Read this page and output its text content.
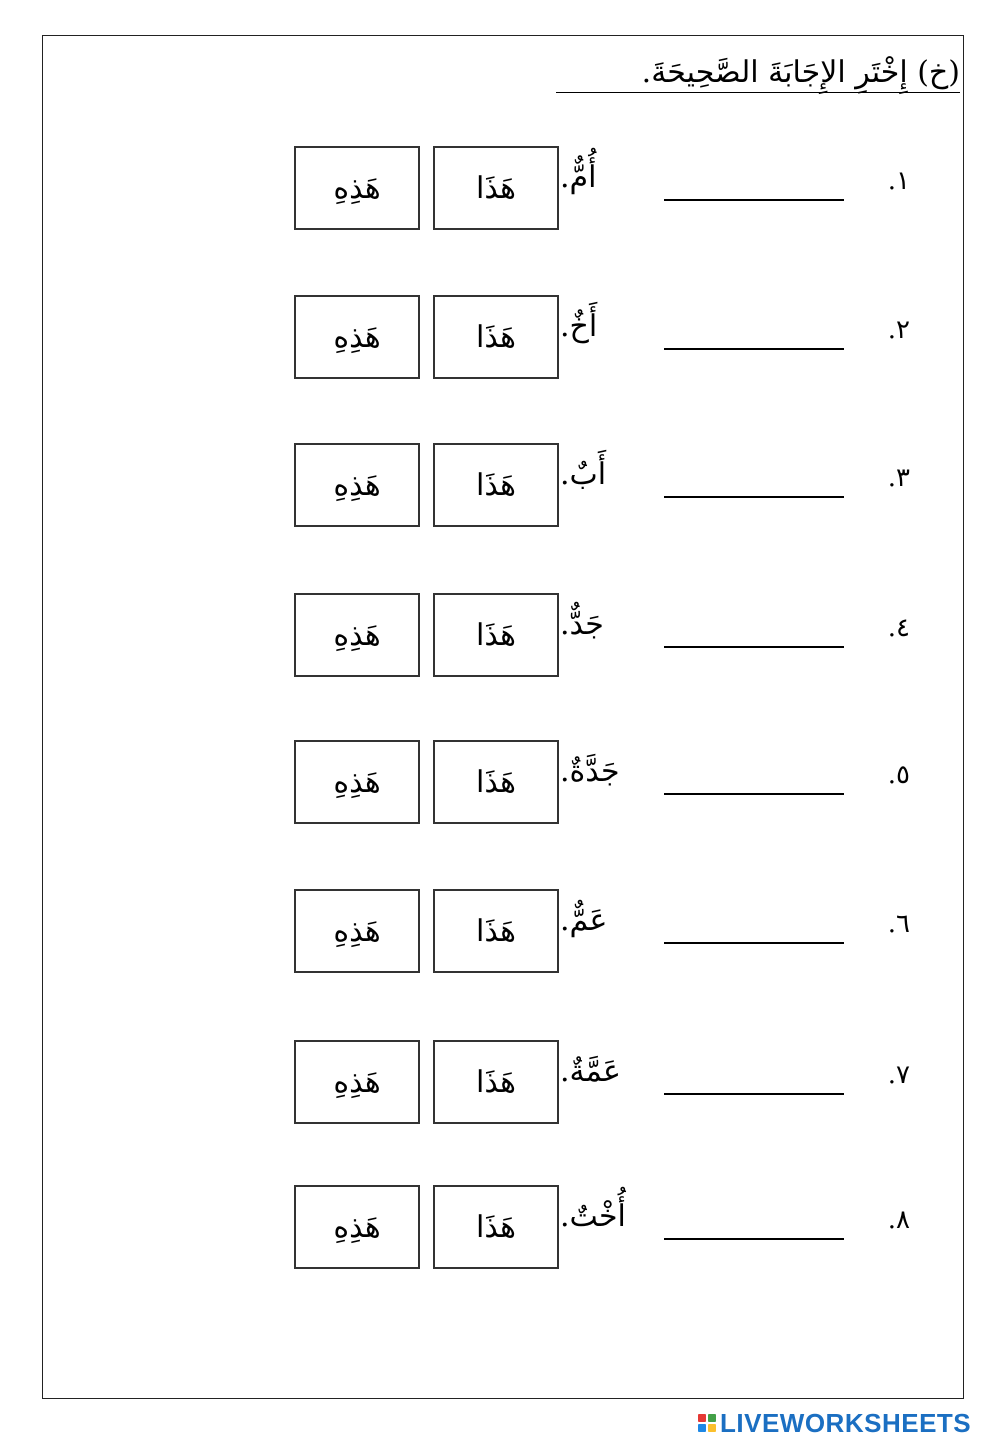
(خ) إِخْتَرِ الإِجَابَةَ الصَّحِيحَةَ.
١.
أُمٌّ.
هَذَا
هَذِهِ
٢.
أَخٌ.
هَذَا
هَذِهِ
٣.
أَبٌ.
هَذَا
هَذِهِ
٤.
جَدٌّ.
هَذَا
هَذِهِ
٥.
جَدَّةٌ.
هَذَا
هَذِهِ
٦.
عَمٌّ.
هَذَا
هَذِهِ
٧.
عَمَّةٌ.
هَذَا
هَذِهِ
٨.
أُخْتٌ.
هَذَا
هَذِهِ
LIVEWORKSHEETS
